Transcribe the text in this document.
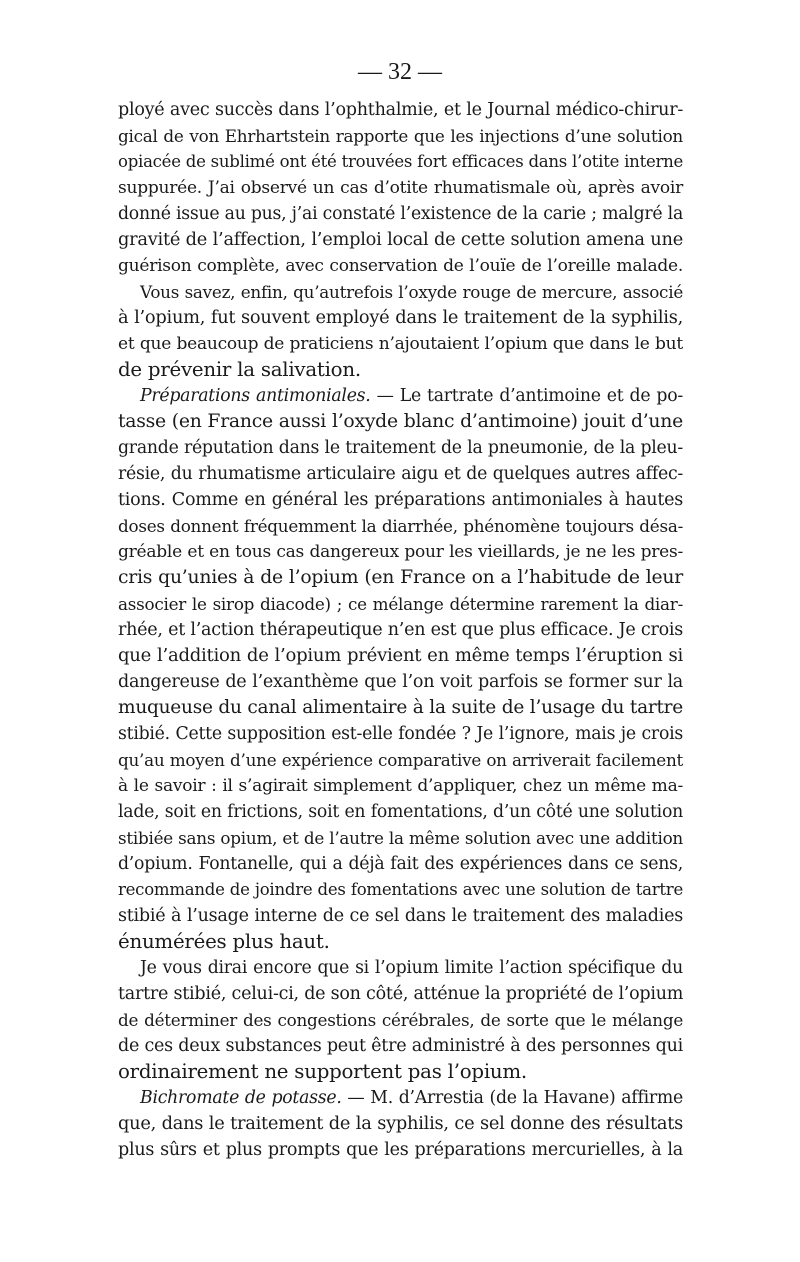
— 32 —
ployé avec succès dans l’ophthalmie, et le Journal médico-chirur-
gical de von Ehrhartstein rapporte que les injections d’une solution
opiacée de sublimé ont été trouvées fort efficaces dans l’otite interne
suppurée. J’ai observé un cas d’otite rhumatismale où, après avoir
donné issue au pus, j’ai constaté l’existence de la carie ; malgré la
gravité de l’affection, l’emploi local de cette solution amena une
guérison complète, avec conservation de l’ouïe de l’oreille malade.
Vous savez, enfin, qu’autrefois l’oxyde rouge de mercure, associé
à l’opium, fut souvent employé dans le traitement de la syphilis,
et que beaucoup de praticiens n’ajoutaient l’opium que dans le but
de prévenir la salivation.
Préparations antimoniales. — Le tartrate d’antimoine et de po-
tasse (en France aussi l’oxyde blanc d’antimoine) jouit d’une
grande réputation dans le traitement de la pneumonie, de la pleu-
résie, du rhumatisme articulaire aigu et de quelques autres affec-
tions. Comme en général les préparations antimoniales à hautes
doses donnent fréquemment la diarrhée, phénomène toujours désa-
gréable et en tous cas dangereux pour les vieillards, je ne les pres-
cris qu’unies à de l’opium (en France on a l’habitude de leur
associer le sirop diacode) ; ce mélange détermine rarement la diar-
rhée, et l’action thérapeutique n’en est que plus efficace. Je crois
que l’addition de l’opium prévient en même temps l’éruption si
dangereuse de l’exanthème que l’on voit parfois se former sur la
muqueuse du canal alimentaire à la suite de l’usage du tartre
stibié. Cette supposition est-elle fondée ? Je l’ignore, mais je crois
qu’au moyen d’une expérience comparative on arriverait facilement
à le savoir : il s’agirait simplement d’appliquer, chez un même ma-
lade, soit en frictions, soit en fomentations, d’un côté une solution
stibiée sans opium, et de l’autre la même solution avec une addition
d’opium. Fontanelle, qui a déjà fait des expériences dans ce sens,
recommande de joindre des fomentations avec une solution de tartre
stibié à l’usage interne de ce sel dans le traitement des maladies
énumérées plus haut.
Je vous dirai encore que si l’opium limite l’action spécifique du
tartre stibié, celui-ci, de son côté, atténue la propriété de l’opium
de déterminer des congestions cérébrales, de sorte que le mélange
de ces deux substances peut être administré à des personnes qui
ordinairement ne supportent pas l’opium.
Bichromate de potasse. — M. d’Arrestia (de la Havane) affirme
que, dans le traitement de la syphilis, ce sel donne des résultats
plus sûrs et plus prompts que les préparations mercurielles, à la
